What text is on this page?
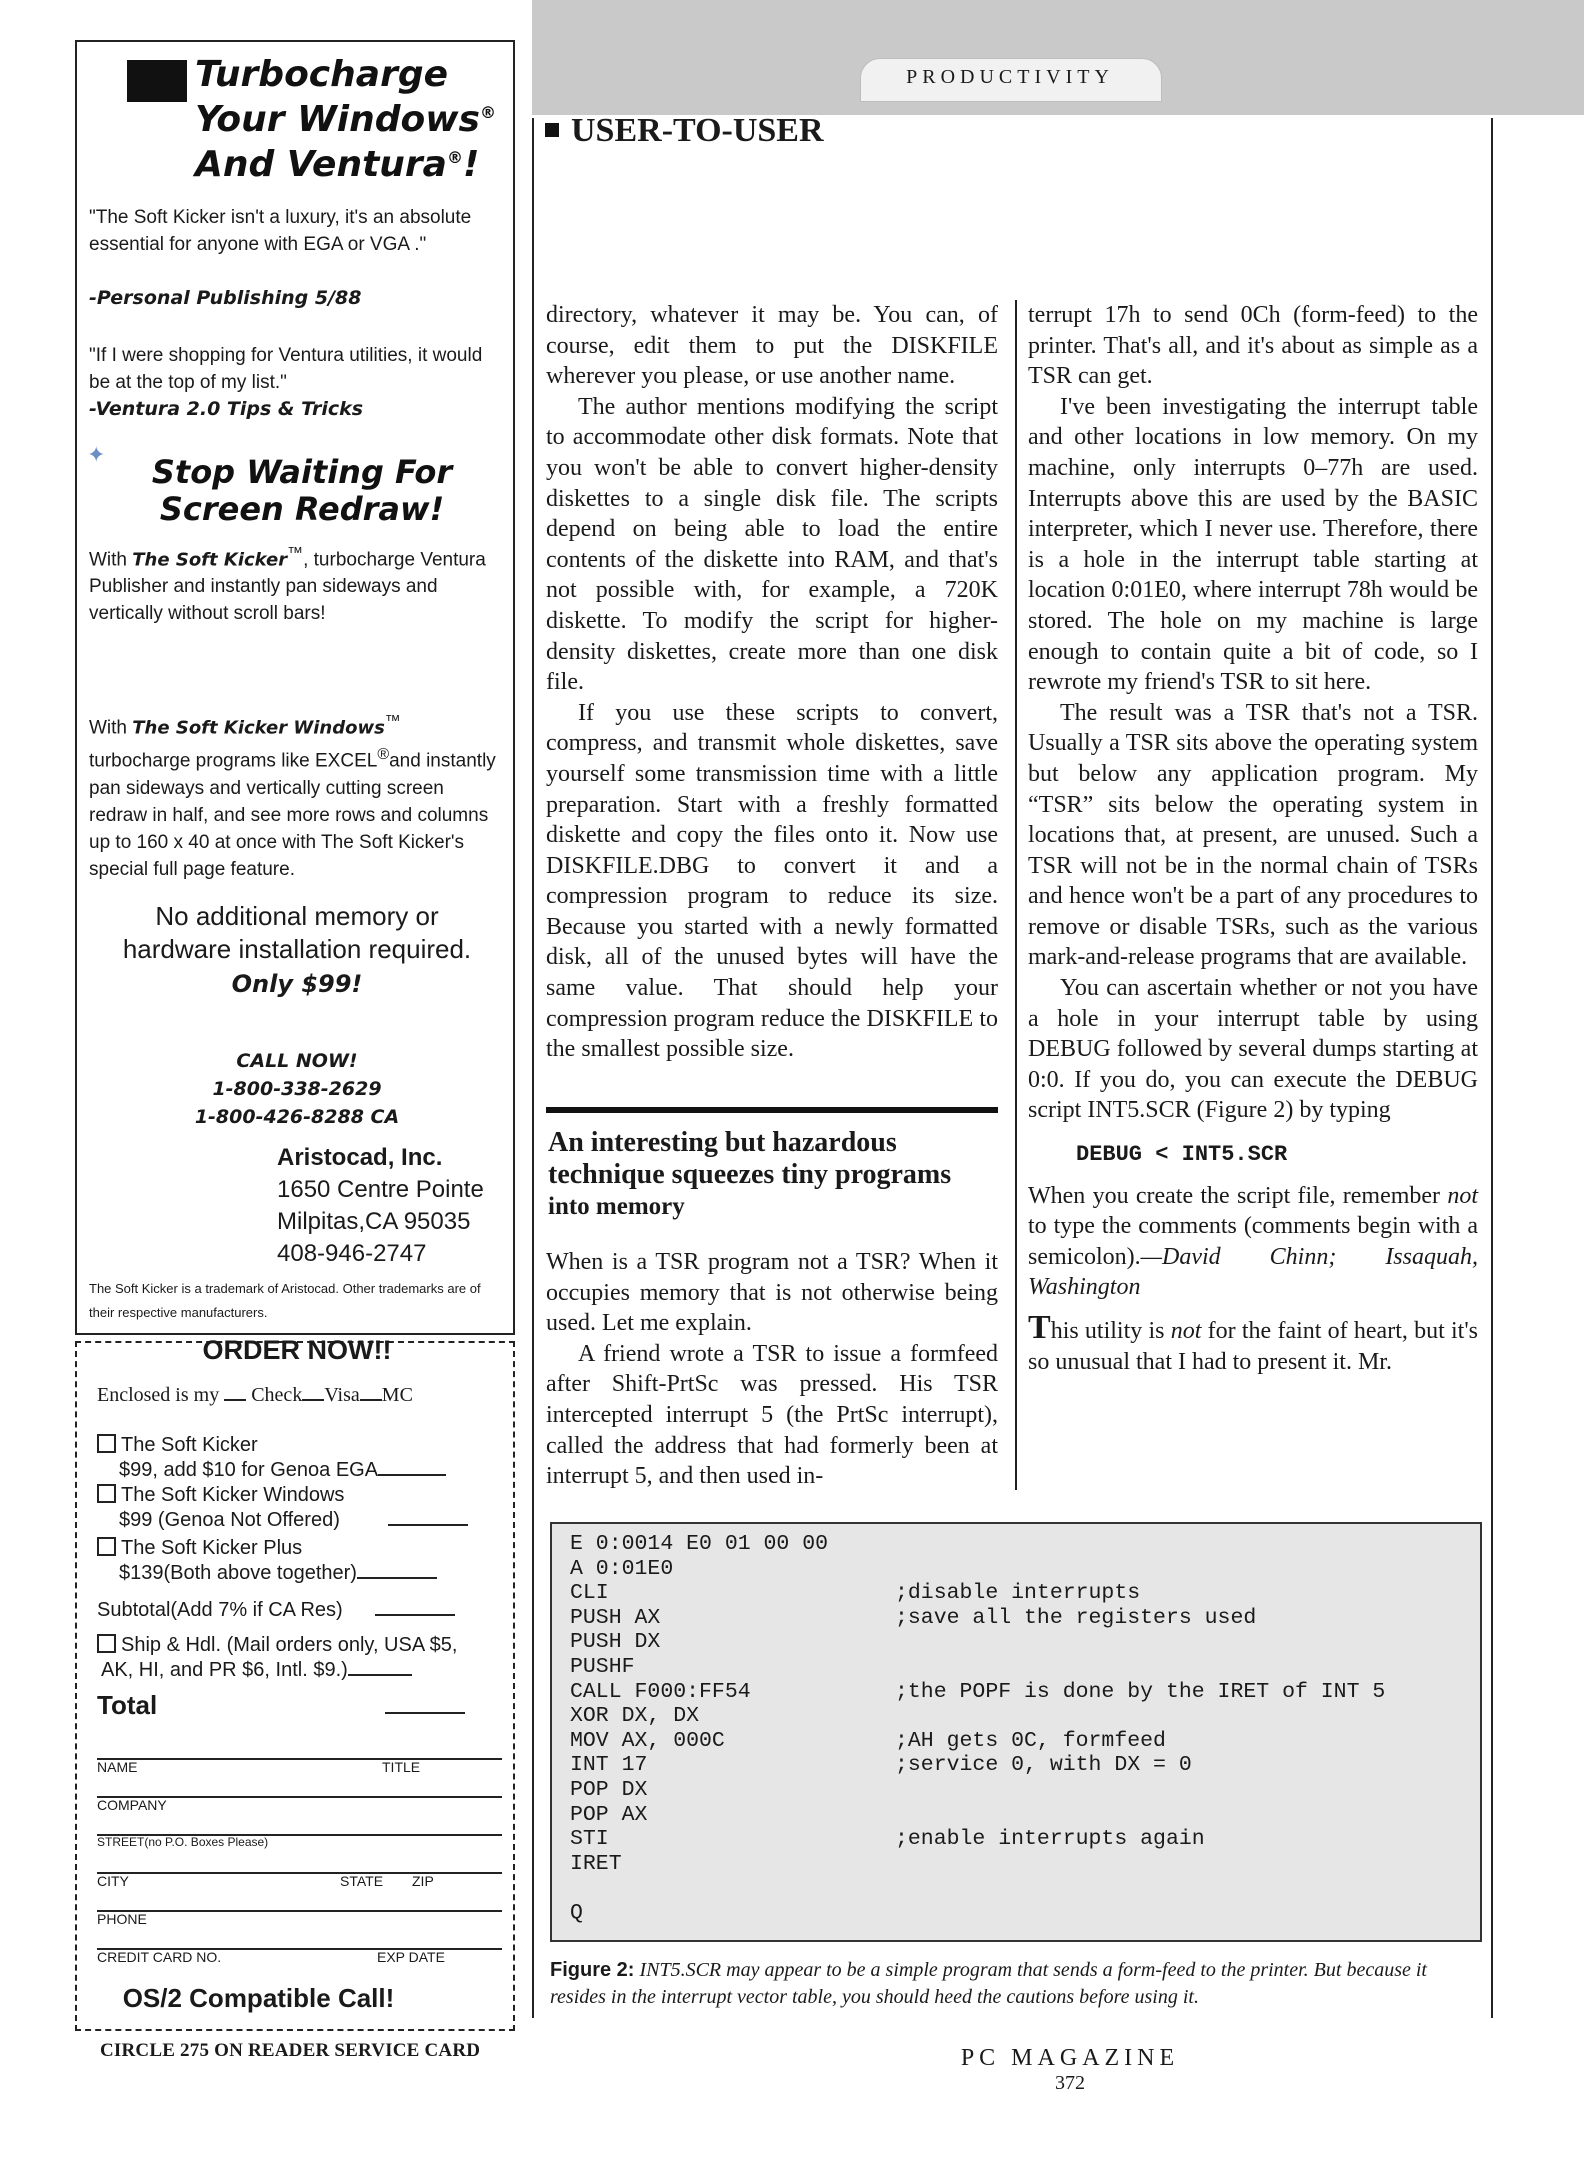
Turbocharge
Your Windows®
And Ventura®!
"The Soft Kicker isn't a luxury, it's an absolute essential for anyone with EGA or VGA ."
-Personal Publishing 5/88
"If I were shopping for Ventura utilities, it would be at the top of my list."
-Ventura 2.0 Tips & Tricks
✦	Stop Waiting For
Screen Redraw!
With The Soft Kicker™, turbocharge Ventura Publisher and instantly pan sideways and vertically without scroll bars!
With The Soft Kicker Windows™ turbocharge programs like EXCEL®and instantly pan sideways and vertically cutting screen redraw in half, and see more rows and columns up to 160 x 40 at once with The Soft Kicker's special full page feature.
No additional memory or
hardware installation required.
Only $99!
CALL NOW!
1-800-338-2629
1-800-426-8288 CA
Aristocad, Inc.
1650 Centre Pointe
Milpitas,CA 95035
408-946-2747
The Soft Kicker is a trademark of Aristocad. Other trademarks are of their respective manufacturers.
ORDER NOW!!
Enclosed is my Check Visa MC
The Soft Kicker
$99, add $10 for Genoa EGA
The Soft Kicker Windows
$99 (Genoa Not Offered)
The Soft Kicker Plus
$139(Both above together)
Subtotal(Add 7% if CA Res)
Ship & Hdl. (Mail orders only, USA $5,
AK, HI, and PR $6, Intl. $9.)
Total
NAME	TITLE
COMPANY
STREET(no P.O. Boxes Please)
CITY	STATE ZIP
PHONE
CREDIT CARD NO.	EXP DATE
OS/2 Compatible Call!
CIRCLE 275 ON READER SERVICE CARD
PRODUCTIVITY
USER-TO-USER

directory, whatever it may be. You can, of course, edit them to put the DISKFILE wherever you please, or use another name.

The author mentions modifying the script to accommodate other disk formats. Note that you won't be able to convert higher-density diskettes to a single disk file. The scripts depend on being able to load the entire contents of the diskette into RAM, and that's not possible with, for example, a 720K diskette. To modify the script for higher-density diskettes, create more than one disk file.

If you use these scripts to convert, compress, and transmit whole diskettes, save yourself some transmission time with a little preparation. Start with a freshly formatted diskette and copy the files onto it. Now use DISKFILE.DBG to convert it and a compression program to reduce its size. Because you started with a newly formatted disk, all of the unused bytes will have the same value. That should help your compression program reduce the DISKFILE to the smallest possible size.

An interesting but hazardous technique squeezes tiny programs
into memory

When is a TSR program not a TSR? When it occupies memory that is not otherwise being used. Let me explain.

A friend wrote a TSR to issue a formfeed after Shift-PrtSc was pressed. His TSR intercepted interrupt 5 (the PrtSc interrupt), called the address that had formerly been at interrupt 5, and then used in-

terrupt 17h to send 0Ch (form-feed) to the printer. That's all, and it's about as simple as a TSR can get.

I've been investigating the interrupt table and other locations in low memory. On my machine, only interrupts 0–77h are used. Interrupts above this are used by the BASIC interpreter, which I never use. Therefore, there is a hole in the interrupt table starting at location 0:01E0, where interrupt 78h would be stored. The hole on my machine is large enough to contain quite a bit of code, so I rewrote my friend's TSR to sit here.

The result was a TSR that's not a TSR. Usually a TSR sits above the operating system but below any application program. My “TSR” sits below the operating system in locations that, at present, are unused. Such a TSR will not be in the normal chain of TSRs and hence won't be a part of any procedures to remove or disable TSRs, such as the various mark-and-release programs that are available.

You can ascertain whether or not you have a hole in your interrupt table by using DEBUG followed by several dumps starting at 0:0. If you do, you can execute the DEBUG script INT5.SCR (Figure 2) by typing

DEBUG < INT5.SCR

When you create the script file, remember not to type the comments (comments begin with a semicolon).—David Chinn; Issaquah, Washington

This utility is not for the faint of heart, but it's so unusual that I had to present it. Mr.

E 0:0014 E0 01 00 00
A 0:01E0
CLI	;disable interrupts
PUSH AX	;save all the registers used
PUSH DX
PUSHF
CALL F000:FF54	;the POPF is done by the IRET of INT 5
XOR DX, DX
MOV AX, 000C	;AH gets 0C, formfeed
INT 17	;service 0, with DX = 0
POP DX
POP AX
STI	;enable interrupts again
IRET
Q
Figure 2: INT5.SCR may appear to be a simple program that sends a form-feed to the printer. But because it resides in the interrupt vector table, you should heed the cautions before using it.
PC MAGAZINE
372
